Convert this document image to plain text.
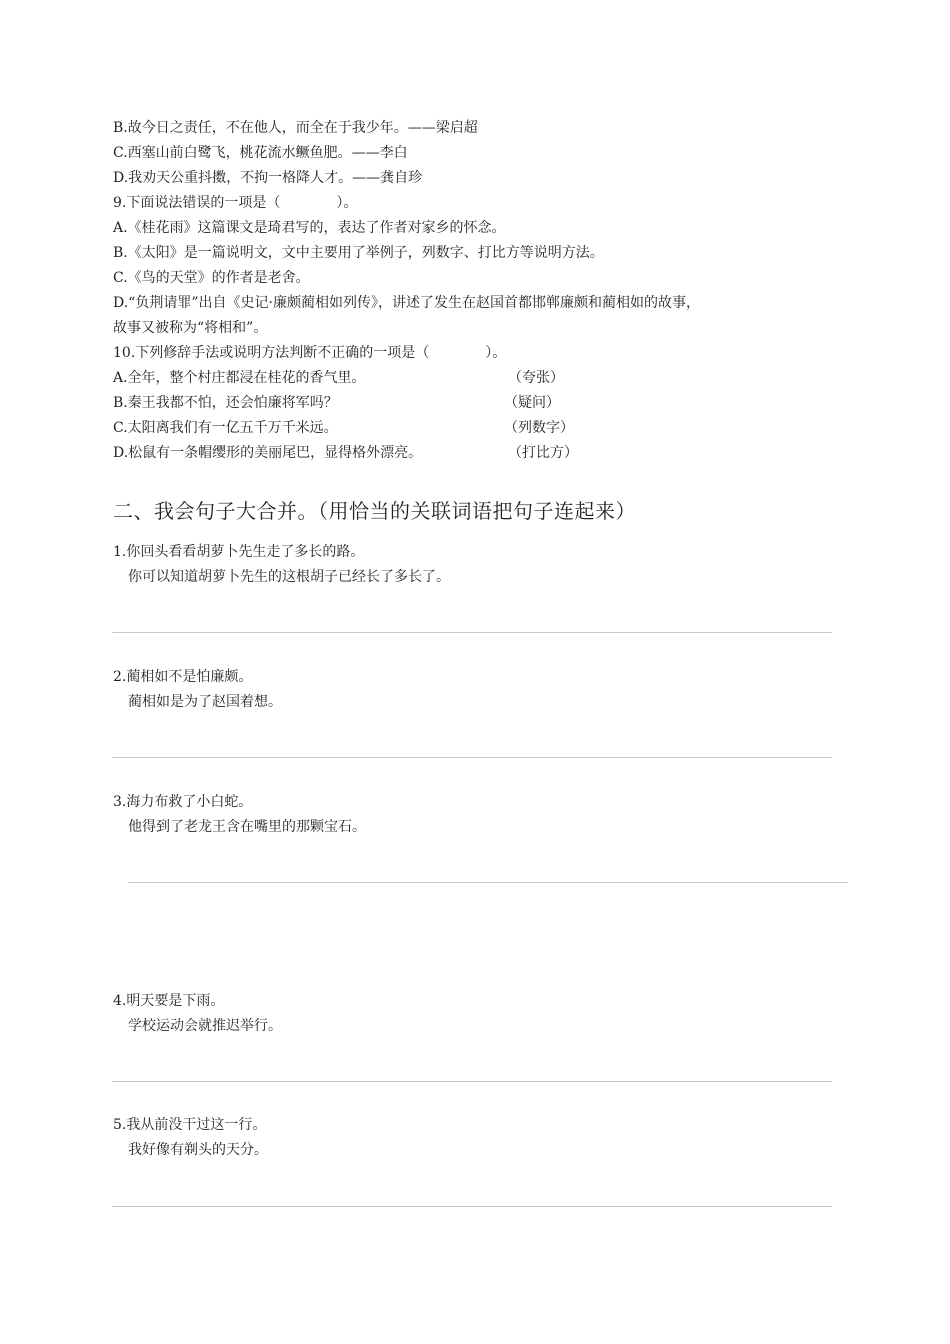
B.故今日之责任，不在他人，而全在于我少年。——梁启超
C.西塞山前白鹭飞，桃花流水鳜鱼肥。——李白
D.我劝天公重抖擞，不拘一格降人才。——龚自珍
9.下面说法错误的一项是（　　　　）。
A.《桂花雨》这篇课文是琦君写的，表达了作者对家乡的怀念。
B.《太阳》是一篇说明文，文中主要用了举例子，列数字、打比方等说明方法。
C.《鸟的天堂》的作者是老舍。
D.“负荆请罪”出自《史记·廉颇蔺相如列传》，讲述了发生在赵国首都邯郸廉颇和蔺相如的故事，
故事又被称为“将相和”。
10.下列修辞手法或说明方法判断不正确的一项是（　　　　）。
A.全年，整个村庄都浸在桂花的香气里。	（夸张）
B.秦王我都不怕，还会怕廉将军吗？	（疑问）
C.太阳离我们有一亿五千万千米远。	（列数字）
D.松鼠有一条帽缨形的美丽尾巴，显得格外漂亮。	（打比方）
二、我会句子大合并。（用恰当的关联词语把句子连起来）
1.你回头看看胡萝卜先生走了多长的路。
你可以知道胡萝卜先生的这根胡子已经长了多长了。
2.蔺相如不是怕廉颇。
蔺相如是为了赵国着想。
3.海力布救了小白蛇。
他得到了老龙王含在嘴里的那颗宝石。
4.明天要是下雨。
学校运动会就推迟举行。
5.我从前没干过这一行。
我好像有剃头的天分。
